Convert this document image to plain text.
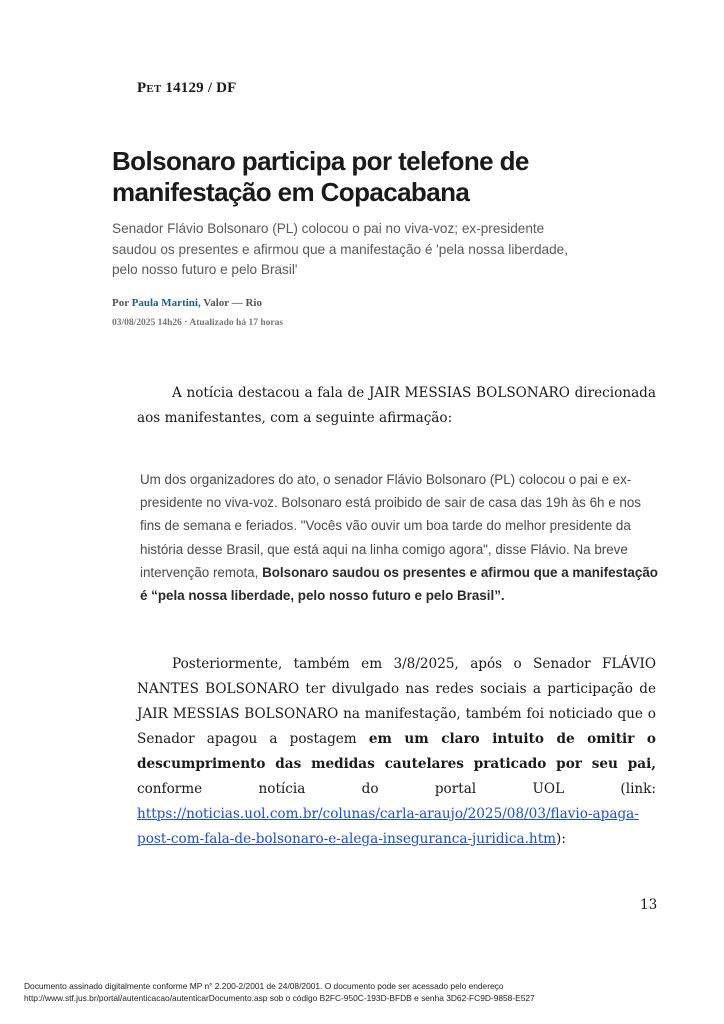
Pet 14129 / DF
Bolsonaro participa por telefone de manifestação em Copacabana
Senador Flávio Bolsonaro (PL) colocou o pai no viva-voz; ex-presidente saudou os presentes e afirmou que a manifestação é 'pela nossa liberdade, pelo nosso futuro e pelo Brasil'
Por Paula Martini, Valor — Rio
03/08/2025 14h26 · Atualizado há 17 horas
A notícia destacou a fala de JAIR MESSIAS BOLSONARO direcionada aos manifestantes, com a seguinte afirmação:
Um dos organizadores do ato, o senador Flávio Bolsonaro (PL) colocou o pai e ex-presidente no viva-voz. Bolsonaro está proibido de sair de casa das 19h às 6h e nos fins de semana e feriados. "Vocês vão ouvir um boa tarde do melhor presidente da história desse Brasil, que está aqui na linha comigo agora", disse Flávio. Na breve intervenção remota, Bolsonaro saudou os presentes e afirmou que a manifestação é “pela nossa liberdade, pelo nosso futuro e pelo Brasil”.
Posteriormente, também em 3/8/2025, após o Senador FLÁVIO NANTES BOLSONARO ter divulgado nas redes sociais a participação de JAIR MESSIAS BOLSONARO na manifestação, também foi noticiado que o Senador apagou a postagem em um claro intuito de omitir o descumprimento das medidas cautelares praticado por seu pai, conforme notícia do portal UOL (link: https://noticias.uol.com.br/colunas/carla-araujo/2025/08/03/flavio-apaga-post-com-fala-de-bolsonaro-e-alega-inseguranca-juridica.htm):
13
Documento assinado digitalmente conforme MP n° 2.200-2/2001 de 24/08/2001. O documento pode ser acessado pelo endereço
http://www.stf.jus.br/portal/autenticacao/autenticarDocumento.asp sob o código B2FC-950C-193D-BFDB e senha 3D62-FC9D-9858-E527
